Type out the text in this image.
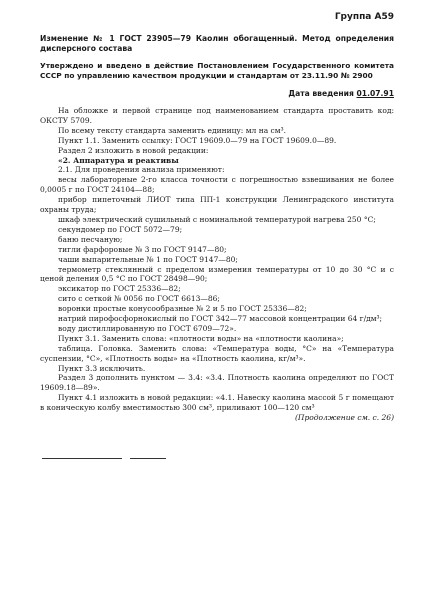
Группа А59
Изменение № 1 ГОСТ 23905—79 Каолин обогащенный. Метод определения дисперсного состава
Утверждено и введено в действие Постановлением Государственного комитета СССР по управлению качеством продукции и стандартам от 23.11.90 № 2900
Дата введения 01.07.91

На обложке и первой странице под наименованием стандарта проставить код: ОКСТУ 5709.

По всему тексту стандарта заменить единицу: мл на см³.

Пункт 1.1. Заменить ссылку: ГОСТ 19609.0—79 на ГОСТ 19609.0—89.

Раздел 2 изложить в новой редакции:

«2. Аппаратура и реактивы

2.1. Для проведения анализа применяют:

весы лабораторные 2-го класса точности с погрешностью взвешивания не более 0,0005 г по ГОСТ 24104—88;

прибор пипеточный ЛИОТ типа ПП-1 конструкции Ленинградского института охраны труда;

шкаф электрический сушильный с номинальной температурой нагрева 250 °С;

секундомер по ГОСТ 5072—79;

баню песчаную;

тигли фарфоровые № 3 по ГОСТ 9147—80;

чаши выпарительные № 1 по ГОСТ 9147—80;

термометр стеклянный с пределом измерения температуры от 10 до 30 °С и с ценой деления 0,5 °С по ГОСТ 28498—90;

эксикатор по ГОСТ 25336—82;

сито с сеткой № 0056 по ГОСТ 6613—86;

воронки простые конусообразные № 2 и 5 по ГОСТ 25336—82;

натрий пирофосфорнокислый по ГОСТ 342—77 массовой концентрации 64 г/дм³;

воду дистиллированную по ГОСТ 6709—72».

Пункт 3.1. Заменить слова: «плотности воды» на «плотности каолина»;

таблица. Головка. Заменить слова: «Температура воды, °С» на «Температура суспензии, °С», «Плотность воды» на «Плотность каолина, кг/м³».

Пункт 3.3 исключить.

Раздел 3 дополнить пунктом — 3.4: «3.4. Плотность каолина определяют по ГОСТ 19609.18—89».

Пункт 4.1 изложить в новой редакции: «4.1. Навеску каолина массой 5 г помещают в коническую колбу вместимостью 300 см³, приливают 100—120 см³

(Продолжение см. с. 26)
